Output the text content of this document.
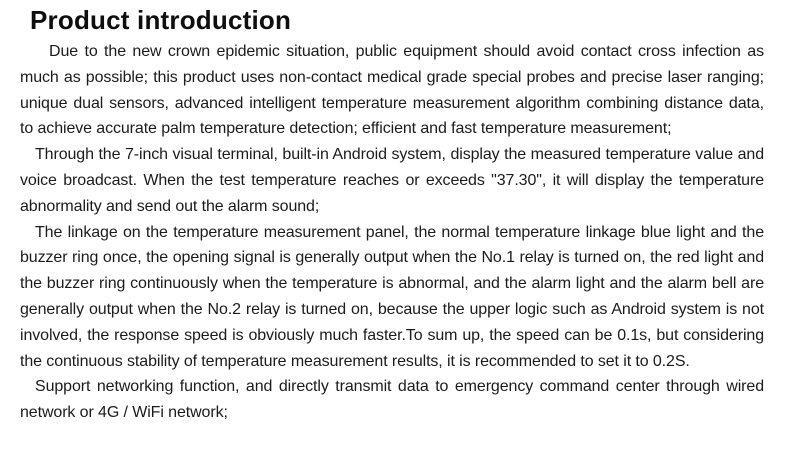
Product introduction

Due to the new crown epidemic situation, public equipment should avoid contact cross infection as much as possible; this product uses non-contact medical grade special probes and precise laser ranging; unique dual sensors, advanced intelligent temperature measurement algorithm combining distance data, to achieve accurate palm temperature detection; efficient and fast temperature measurement;

Through the 7-inch visual terminal, built-in Android system, display the measured temperature value and voice broadcast. When the test temperature reaches or exceeds "37.30", it will display the temperature abnormality and send out the alarm sound;

The linkage on the temperature measurement panel, the normal temperature linkage blue light and the buzzer ring once, the opening signal is generally output when the No.1 relay is turned on, the red light and the buzzer ring continuously when the temperature is abnormal, and the alarm light and the alarm bell are generally output when the No.2 relay is turned on, because the upper logic such as Android system is not involved, the response speed is obviously much faster.To sum up, the speed can be 0.1s, but considering the continuous stability of temperature measurement results, it is recommended to set it to 0.2S.

Support networking function, and directly transmit data to emergency command center through wired network or 4G / WiFi network;
